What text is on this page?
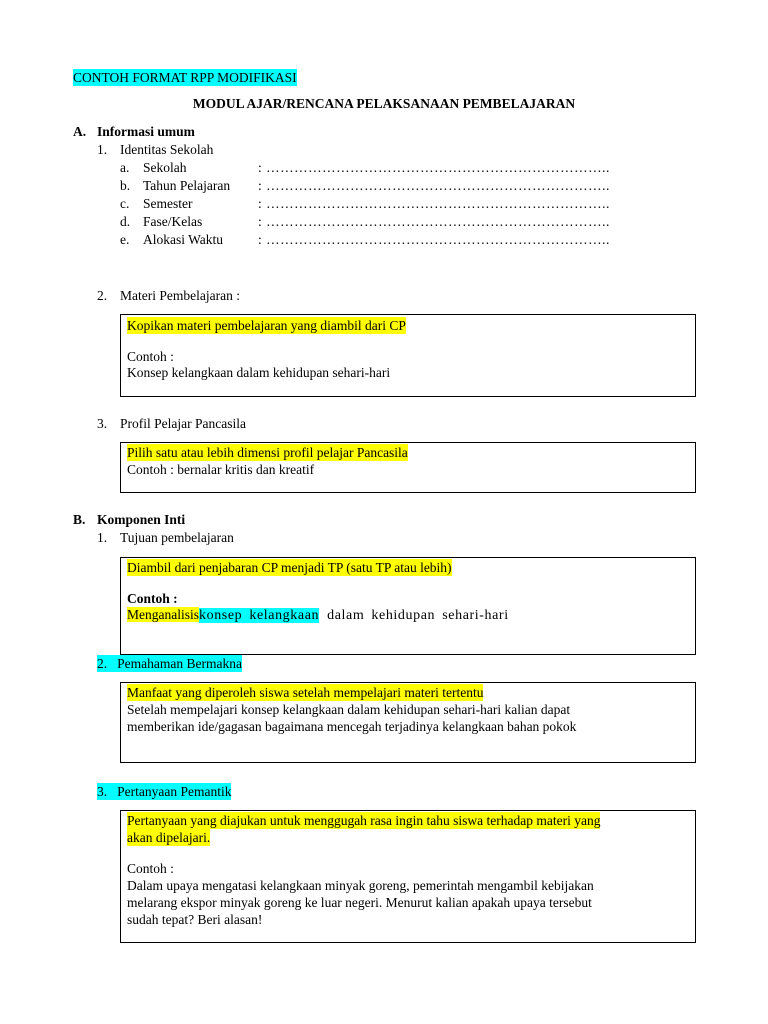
CONTOH FORMAT RPP MODIFIKASI
MODUL AJAR/RENCANA PELAKSANAAN PEMBELAJARAN
A. Informasi umum
1. Identitas Sekolah
a. Sekolah	: ………………………………………………………………..
b. Tahun Pelajaran : ………………………………………………………………..
c. Semester	: ………………………………………………………………..
d. Fase/Kelas	: ………………………………………………………………..
e. Alokasi Waktu	: ………………………………………………………………..
2. Materi Pembelajaran :
Kopikan materi pembelajaran yang diambil dari CP
Contoh :
Konsep kelangkaan dalam kehidupan sehari-hari
3. Profil Pelajar Pancasila
Pilih satu atau lebih dimensi profil pelajar Pancasila
Contoh : bernalar kritis dan kreatif
B. Komponen Inti
1. Tujuan pembelajaran
Diambil dari penjabaran CP menjadi TP (satu TP atau lebih)
Contoh :
Menganalisiskonsep kelangkaan dalam kehidupan sehari-hari
2. Pemahaman Bermakna
Manfaat yang diperoleh siswa setelah mempelajari materi tertentu
Setelah mempelajari konsep kelangkaan dalam kehidupan sehari-hari kalian dapat
memberikan ide/gagasan bagaimana mencegah terjadinya kelangkaan bahan pokok
3. Pertanyaan Pemantik
Pertanyaan yang diajukan untuk menggugah rasa ingin tahu siswa terhadap materi yang
akan dipelajari.
Contoh :
Dalam upaya mengatasi kelangkaan minyak goreng, pemerintah mengambil kebijakan
melarang ekspor minyak goreng ke luar negeri. Menurut kalian apakah upaya tersebut
sudah tepat? Beri alasan!
